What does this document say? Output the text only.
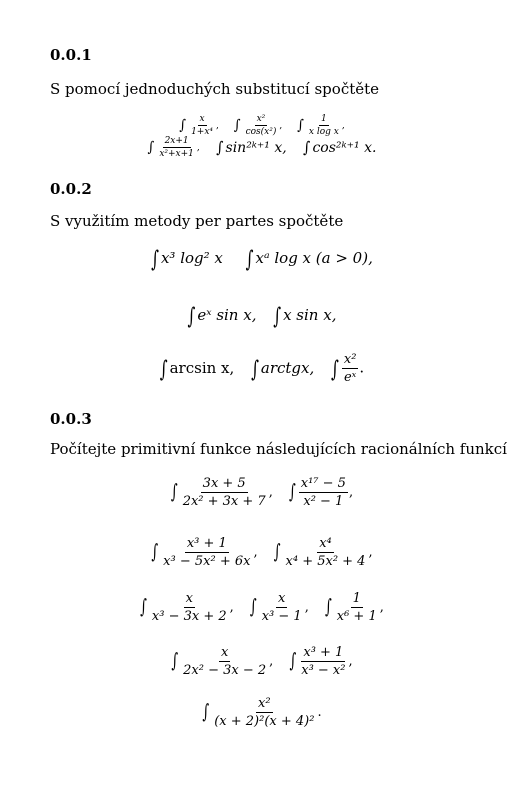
0.0.1
S pomocí jednoduchých substitucí spočtěte
∫ $\frac{x}{\text{1+x⁴}}$ , ∫ $\frac{\text{x²}}{\text{cos(x²)}}$ , ∫ $\frac{1}{\text{x log x}}$ ,
∫ $\frac{2x+1}{\text{x²+x+1}}$ , ∫ sin²ᵏ⁺¹ x, ∫ cos²ᵏ⁺¹ x.
0.0.2
S využitím metody per partes spočtěte
∫ x³ log² x ∫ xᵃ log x (a > 0),
∫ eˣ sin x, ∫ x sin x,
∫ arcsin x, ∫ arctgx, ∫ $\frac{\text{x²}}{\text{eˣ}}$ .
0.0.3
Počítejte primitivní funkce následujících racionálních funkcí
∫ $\frac{3x + 5}{\text{2x² + 3x + 7}}$ , ∫ $\frac{\text{x¹⁷ − 5}}{\text{x² − 1}}$ ,
∫ $\frac{\text{x³ + 1}}{\text{x³ − 5x² + 6x}}$ , ∫ $\frac{\text{x⁴}}{\text{x⁴ + 5x² + 4}}$ ,
∫ $\frac{x}{\text{x³ − 3x + 2}}$ , ∫ $\frac{x}{\text{x³ − 1}}$ , ∫ $\frac{1}{\text{x⁶ + 1}}$ ,
∫ $\frac{x}{\text{2x² − 3x − 2}}$ , ∫ $\frac{\text{x³ + 1}}{\text{x³ − x²}}$ ,
∫ $\frac{\text{x²}}{\text{(x + 2)²(x + 4)²}}$ .
